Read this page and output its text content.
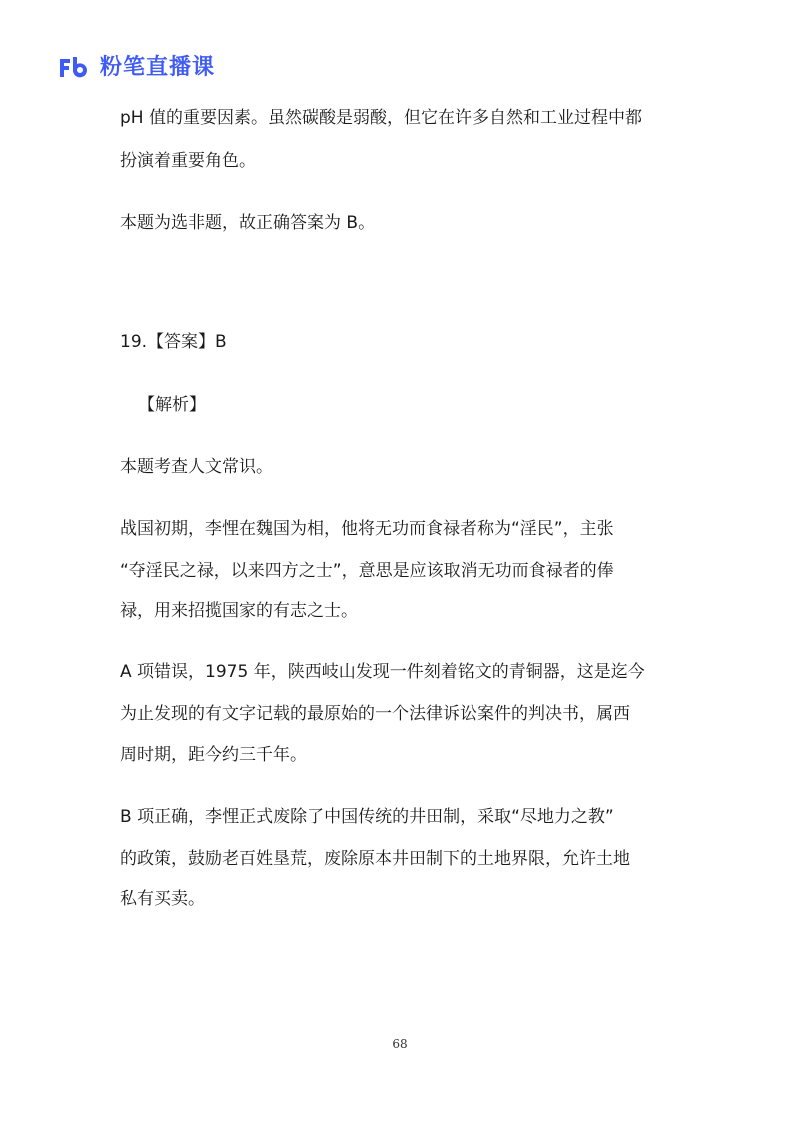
粉笔直播课
pH 值的重要因素。虽然碳酸是弱酸，但它在许多自然和工业过程中都
扮演着重要角色。
本题为选非题，故正确答案为 B。
19.【答案】B
【解析】
本题考查人文常识。
战国初期，李悝在魏国为相，他将无功而食禄者称为“淫民”，主张
“夺淫民之禄，以来四方之士”，意思是应该取消无功而食禄者的俸
禄，用来招揽国家的有志之士。
A 项错误，1975 年，陕西岐山发现一件刻着铭文的青铜器，这是迄今
为止发现的有文字记载的最原始的一个法律诉讼案件的判决书，属西
周时期，距今约三千年。
B 项正确，李悝正式废除了中国传统的井田制，采取“尽地力之教”
的政策，鼓励老百姓垦荒，废除原本井田制下的土地界限，允许土地
私有买卖。
68
